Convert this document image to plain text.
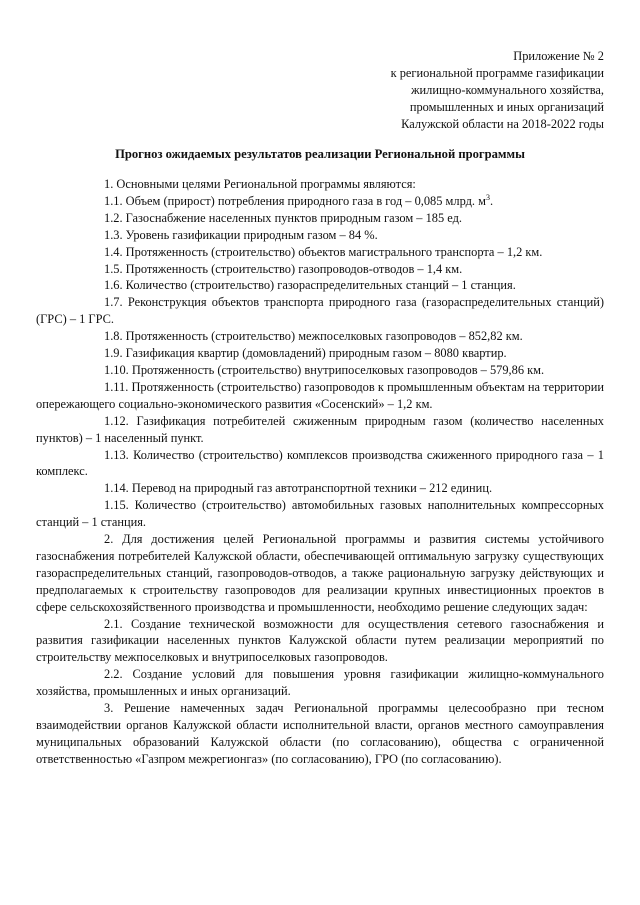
Приложение № 2
к региональной программе газификации
жилищно-коммунального хозяйства,
промышленных и иных организаций
Калужской области на 2018-2022 годы
Прогноз ожидаемых результатов реализации Региональной программы

1. Основными целями Региональной программы являются:

1.1. Объем (прирост) потребления природного газа в год – 0,085 млрд. $м^3$.

1.2. Газоснабжение населенных пунктов природным газом – 185 ед.

1.3. Уровень газификации природным газом – 84 %.

1.4. Протяженность (строительство) объектов магистрального транспорта – 1,2 км.

1.5. Протяженность (строительство) газопроводов-отводов – 1,4 км.

1.6. Количество (строительство) газораспределительных станций – 1 станция.

1.7. Реконструкция объектов транспорта природного газа (газораспределительных станций) (ГРС) – 1 ГРС.

1.8. Протяженность (строительство) межпоселковых газопроводов – 852,82 км.

1.9. Газификация квартир (домовладений) природным газом – 8080 квартир.

1.10. Протяженность (строительство) внутрипоселковых газопроводов – 579,86 км.

1.11. Протяженность (строительство) газопроводов к промышленным объектам на территории опережающего социально-экономического развития «Сосенский» – 1,2 км.

1.12. Газификация потребителей сжиженным природным газом (количество населенных пунктов) – 1 населенный пункт.

1.13. Количество (строительство) комплексов производства сжиженного природного газа – 1 комплекс.

1.14. Перевод на природный газ автотранспортной техники – 212 единиц.

1.15. Количество (строительство) автомобильных газовых наполнительных компрессорных станций – 1 станция.

2. Для достижения целей Региональной программы и развития системы устойчивого газоснабжения потребителей Калужской области, обеспечивающей оптимальную загрузку существующих газораспределительных станций, газопроводов-отводов, а также рациональную загрузку действующих и предполагаемых к строительству газопроводов для реализации крупных инвестиционных проектов в сфере сельскохозяйственного производства и промышленности, необходимо решение следующих задач:

2.1. Создание технической возможности для осуществления сетевого газоснабжения и развития газификации населенных пунктов Калужской области путем реализации мероприятий по строительству межпоселковых и внутрипоселковых газопроводов.

2.2. Создание условий для повышения уровня газификации жилищно-коммунального хозяйства, промышленных и иных организаций.

3. Решение намеченных задач Региональной программы целесообразно при тесном взаимодействии органов Калужской области исполнительной власти, органов местного самоуправления муниципальных образований Калужской области (по согласованию), общества с ограниченной ответственностью «Газпром межрегионгаз» (по согласованию), ГРО (по согласованию).
